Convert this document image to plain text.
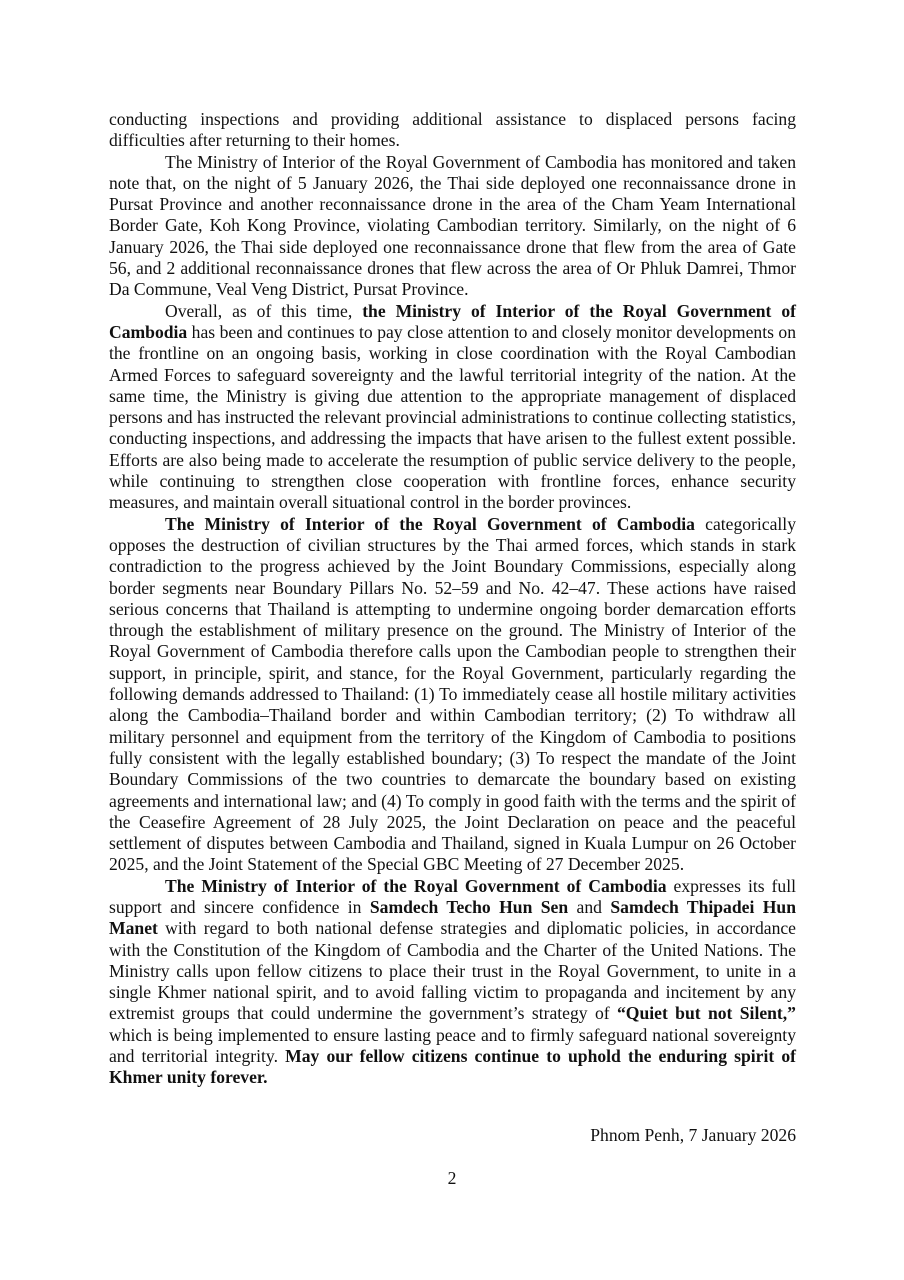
conducting inspections and providing additional assistance to displaced persons facing difficulties after returning to their homes.

The Ministry of Interior of the Royal Government of Cambodia has monitored and taken note that, on the night of 5 January 2026, the Thai side deployed one reconnaissance drone in Pursat Province and another reconnaissance drone in the area of the Cham Yeam International Border Gate, Koh Kong Province, violating Cambodian territory. Similarly, on the night of 6 January 2026, the Thai side deployed one reconnaissance drone that flew from the area of Gate 56, and 2 additional reconnaissance drones that flew across the area of Or Phluk Damrei, Thmor Da Commune, Veal Veng District, Pursat Province.

Overall, as of this time, the Ministry of Interior of the Royal Government of Cambodia has been and continues to pay close attention to and closely monitor developments on the frontline on an ongoing basis, working in close coordination with the Royal Cambodian Armed Forces to safeguard sovereignty and the lawful territorial integrity of the nation. At the same time, the Ministry is giving due attention to the appropriate management of displaced persons and has instructed the relevant provincial administrations to continue collecting statistics, conducting inspections, and addressing the impacts that have arisen to the fullest extent possible. Efforts are also being made to accelerate the resumption of public service delivery to the people, while continuing to strengthen close cooperation with frontline forces, enhance security measures, and maintain overall situational control in the border provinces.

The Ministry of Interior of the Royal Government of Cambodia categorically opposes the destruction of civilian structures by the Thai armed forces, which stands in stark contradiction to the progress achieved by the Joint Boundary Commissions, especially along border segments near Boundary Pillars No. 52–59 and No. 42–47. These actions have raised serious concerns that Thailand is attempting to undermine ongoing border demarcation efforts through the establishment of military presence on the ground. The Ministry of Interior of the Royal Government of Cambodia therefore calls upon the Cambodian people to strengthen their support, in principle, spirit, and stance, for the Royal Government, particularly regarding the following demands addressed to Thailand: (1) To immediately cease all hostile military activities along the Cambodia–Thailand border and within Cambodian territory; (2) To withdraw all military personnel and equipment from the territory of the Kingdom of Cambodia to positions fully consistent with the legally established boundary; (3) To respect the mandate of the Joint Boundary Commissions of the two countries to demarcate the boundary based on existing agreements and international law; and (4) To comply in good faith with the terms and the spirit of the Ceasefire Agreement of 28 July 2025, the Joint Declaration on peace and the peaceful settlement of disputes between Cambodia and Thailand, signed in Kuala Lumpur on 26 October 2025, and the Joint Statement of the Special GBC Meeting of 27 December 2025.

The Ministry of Interior of the Royal Government of Cambodia expresses its full support and sincere confidence in Samdech Techo Hun Sen and Samdech Thipadei Hun Manet with regard to both national defense strategies and diplomatic policies, in accordance with the Constitution of the Kingdom of Cambodia and the Charter of the United Nations. The Ministry calls upon fellow citizens to place their trust in the Royal Government, to unite in a single Khmer national spirit, and to avoid falling victim to propaganda and incitement by any extremist groups that could undermine the government’s strategy of “Quiet but not Silent,” which is being implemented to ensure lasting peace and to firmly safeguard national sovereignty and territorial integrity. May our fellow citizens continue to uphold the enduring spirit of Khmer unity forever.

Phnom Penh, 7 January 2026

2
